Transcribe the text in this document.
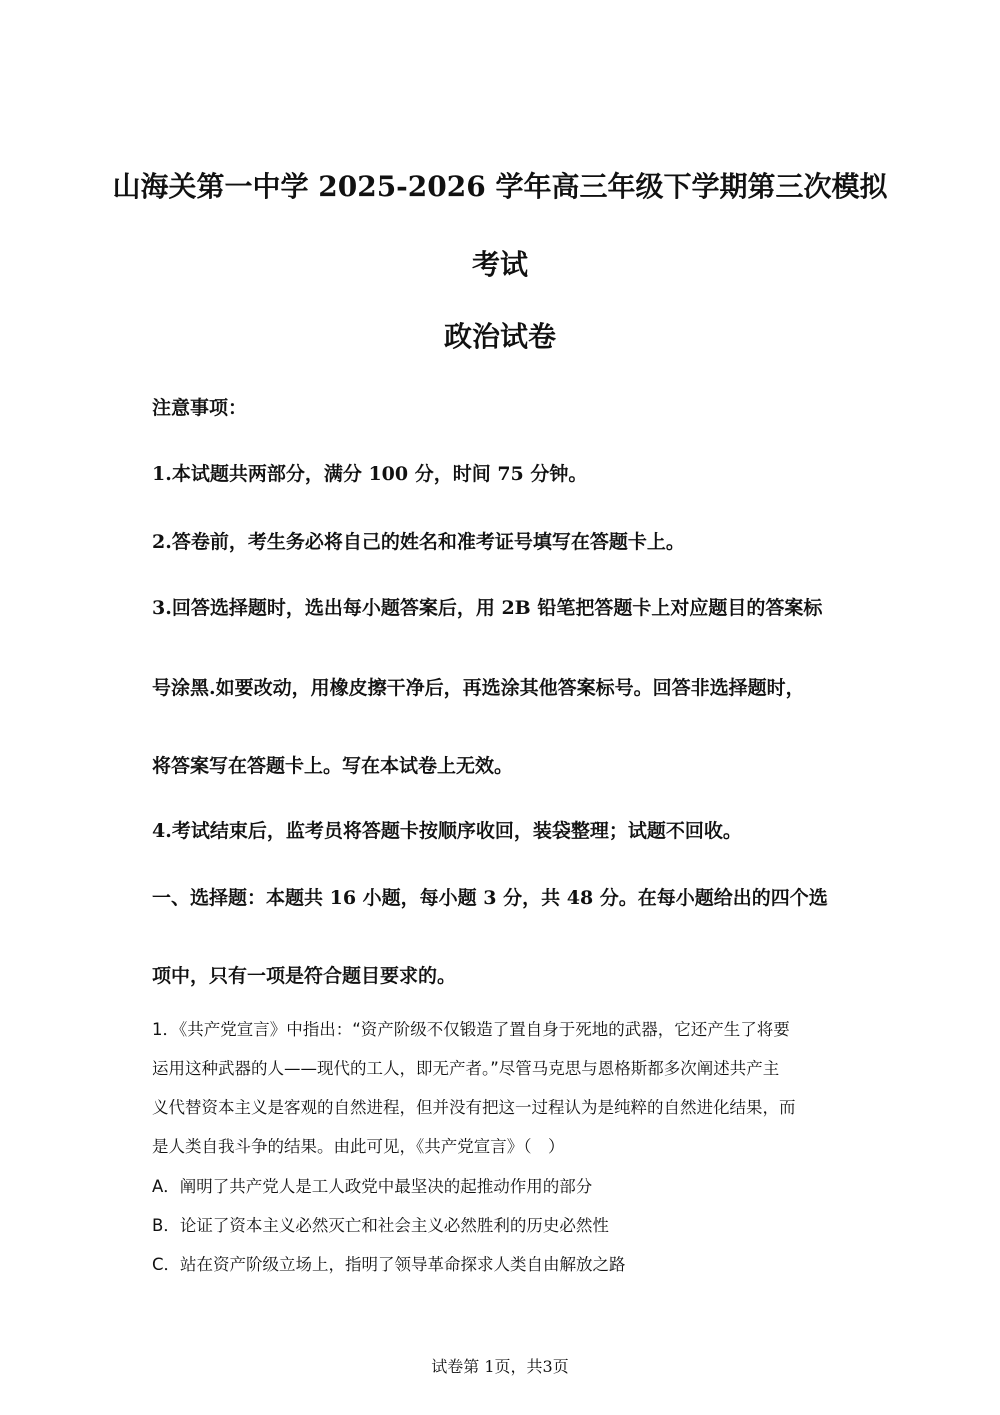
山海关第一中学 2025-2026 学年高三年级下学期第三次模拟
考试
政治试卷
注意事项：
1.本试题共两部分，满分 100 分，时间 75 分钟。
2.答卷前，考生务必将自己的姓名和准考证号填写在答题卡上。
3.回答选择题时，选出每小题答案后，用 2B 铅笔把答题卡上对应题目的答案标
号涂黑.如要改动，用橡皮擦干净后，再选涂其他答案标号。回答非选择题时，
将答案写在答题卡上。写在本试卷上无效。
4.考试结束后，监考员将答题卡按顺序收回，装袋整理；试题不回收。
一、选择题：本题共 16 小题，每小题 3 分，共 48 分。在每小题给出的四个选
项中，只有一项是符合题目要求的。
1．《共产党宣言》中指出：“资产阶级不仅锻造了置自身于死地的武器，它还产生了将要
运用这种武器的人——现代的工人，即无产者。”尽管马克思与恩格斯都多次阐述共产主
义代替资本主义是客观的自然进程，但并没有把这一过程认为是纯粹的自然进化结果，而
是人类自我斗争的结果。由此可见，《共产党宣言》（　）
A．阐明了共产党人是工人政党中最坚决的起推动作用的部分
B．论证了资本主义必然灭亡和社会主义必然胜利的历史必然性
C．站在资产阶级立场上，指明了领导革命探求人类自由解放之路
试卷第 1页，共3页
